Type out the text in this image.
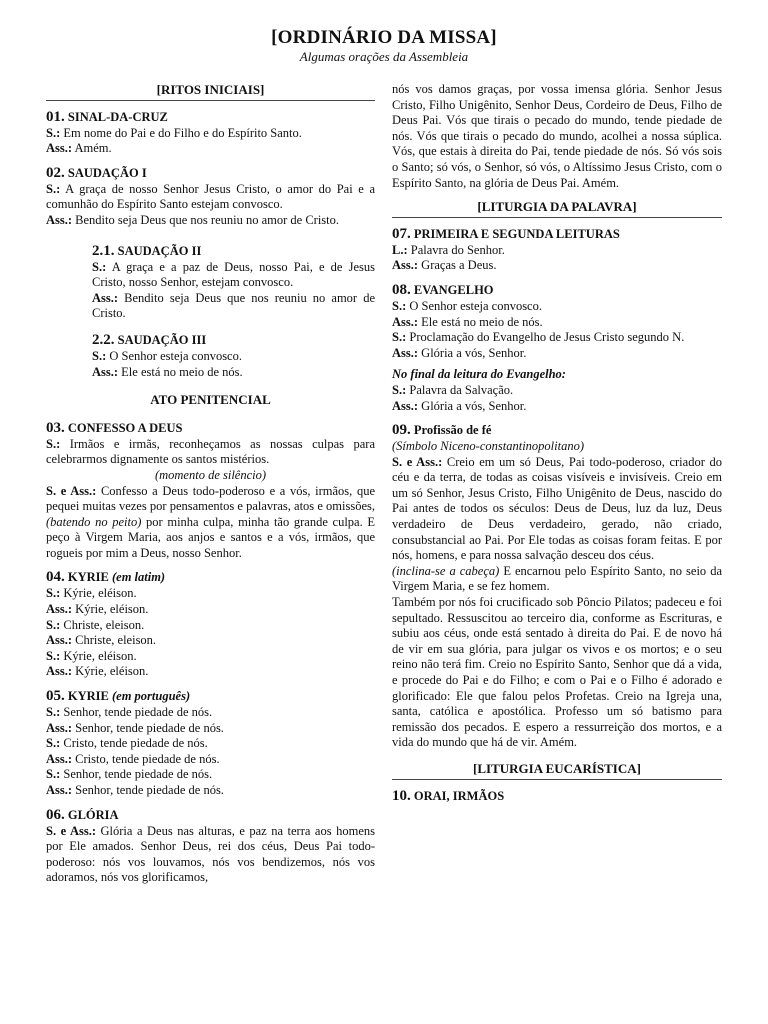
[ORDINÁRIO DA MISSA]
Algumas orações da Assembleia
[RITOS INICIAIS]
01. SINAL-DA-CRUZ

S.: Em nome do Pai e do Filho e do Espírito Santo.

Ass.: Amém.

02. SAUDAÇÃO I

S.: A graça de nosso Senhor Jesus Cristo, o amor do Pai e a comunhão do Espírito Santo estejam convosco.

Ass.: Bendito seja Deus que nos reuniu no amor de Cristo.

2.1. SAUDAÇÃO II

S.: A graça e a paz de Deus, nosso Pai, e de Jesus Cristo, nosso Senhor, estejam convosco.

Ass.: Bendito seja Deus que nos reuniu no amor de Cristo.

2.2. SAUDAÇÃO III

S.: O Senhor esteja convosco.

Ass.: Ele está no meio de nós.

ATO PENITENCIAL
03. CONFESSO A DEUS

S.: Irmãos e irmãs, reconheçamos as nossas culpas para celebrarmos dignamente os santos mistérios.

(momento de silêncio)

S. e Ass.: Confesso a Deus todo-poderoso e a vós, irmãos, que pequei muitas vezes por pensamentos e palavras, atos e omissões, (batendo no peito) por minha culpa, minha tão grande culpa. E peço à Virgem Maria, aos anjos e santos e a vós, irmãos, que rogueis por mim a Deus, nosso Senhor.

04. KYRIE (em latim)

S.: Kýrie, eléison.

Ass.: Kýrie, eléison.

S.: Christe, eleison.

Ass.: Christe, eleison.

S.: Kýrie, eléison.

Ass.: Kýrie, eléison.

05. KYRIE (em português)

S.: Senhor, tende piedade de nós.

Ass.: Senhor, tende piedade de nós.

S.: Cristo, tende piedade de nós.

Ass.: Cristo, tende piedade de nós.

S.: Senhor, tende piedade de nós.

Ass.: Senhor, tende piedade de nós.

06. GLÓRIA

S. e Ass.: Glória a Deus nas alturas, e paz na terra aos homens por Ele amados. Senhor Deus, rei dos céus, Deus Pai todo-poderoso: nós vos louvamos, nós vos bendizemos, nós vos adoramos, nós vos glorificamos,

nós vos damos graças, por vossa imensa glória. Senhor Jesus Cristo, Filho Unigênito, Senhor Deus, Cordeiro de Deus, Filho de Deus Pai. Vós que tirais o pecado do mundo, tende piedade de nós. Vós que tirais o pecado do mundo, acolhei a nossa súplica. Vós, que estais à direita do Pai, tende piedade de nós. Só vós sois o Santo; só vós, o Senhor, só vós, o Altíssimo Jesus Cristo, com o Espírito Santo, na glória de Deus Pai. Amém.

[LITURGIA DA PALAVRA]
07. PRIMEIRA E SEGUNDA LEITURAS

L.: Palavra do Senhor.

Ass.: Graças a Deus.

08. EVANGELHO

S.: O Senhor esteja convosco.

Ass.: Ele está no meio de nós.

S.: Proclamação do Evangelho de Jesus Cristo segundo N.

Ass.: Glória a vós, Senhor.

No final da leitura do Evangelho:

S.: Palavra da Salvação.

Ass.: Glória a vós, Senhor.

09. Profissão de fé

(Símbolo Niceno-constantinopolitano)

S. e Ass.: Creio em um só Deus, Pai todo-poderoso, criador do céu e da terra, de todas as coisas visíveis e invisíveis. Creio em um só Senhor, Jesus Cristo, Filho Unigênito de Deus, nascido do Pai antes de todos os séculos: Deus de Deus, luz da luz, Deus verdadeiro de Deus verdadeiro, gerado, não criado, consubstancial ao Pai. Por Ele todas as coisas foram feitas. E por nós, homens, e para nossa salvação desceu dos céus.

(inclina-se a cabeça) E encarnou pelo Espírito Santo, no seio da Virgem Maria, e se fez homem.

Também por nós foi crucificado sob Pôncio Pilatos; padeceu e foi sepultado. Ressuscitou ao terceiro dia, conforme as Escrituras, e subiu aos céus, onde está sentado à direita do Pai. E de novo há de vir em sua glória, para julgar os vivos e os mortos; e o seu reino não terá fim. Creio no Espírito Santo, Senhor que dá a vida, e procede do Pai e do Filho; e com o Pai e o Filho é adorado e glorificado: Ele que falou pelos Profetas. Creio na Igreja una, santa, católica e apostólica. Professo um só batismo para remissão dos pecados. E espero a ressurreição dos mortos, e a vida do mundo que há de vir. Amém.

[LITURGIA EUCARÍSTICA]
10. ORAI, IRMÃOS
